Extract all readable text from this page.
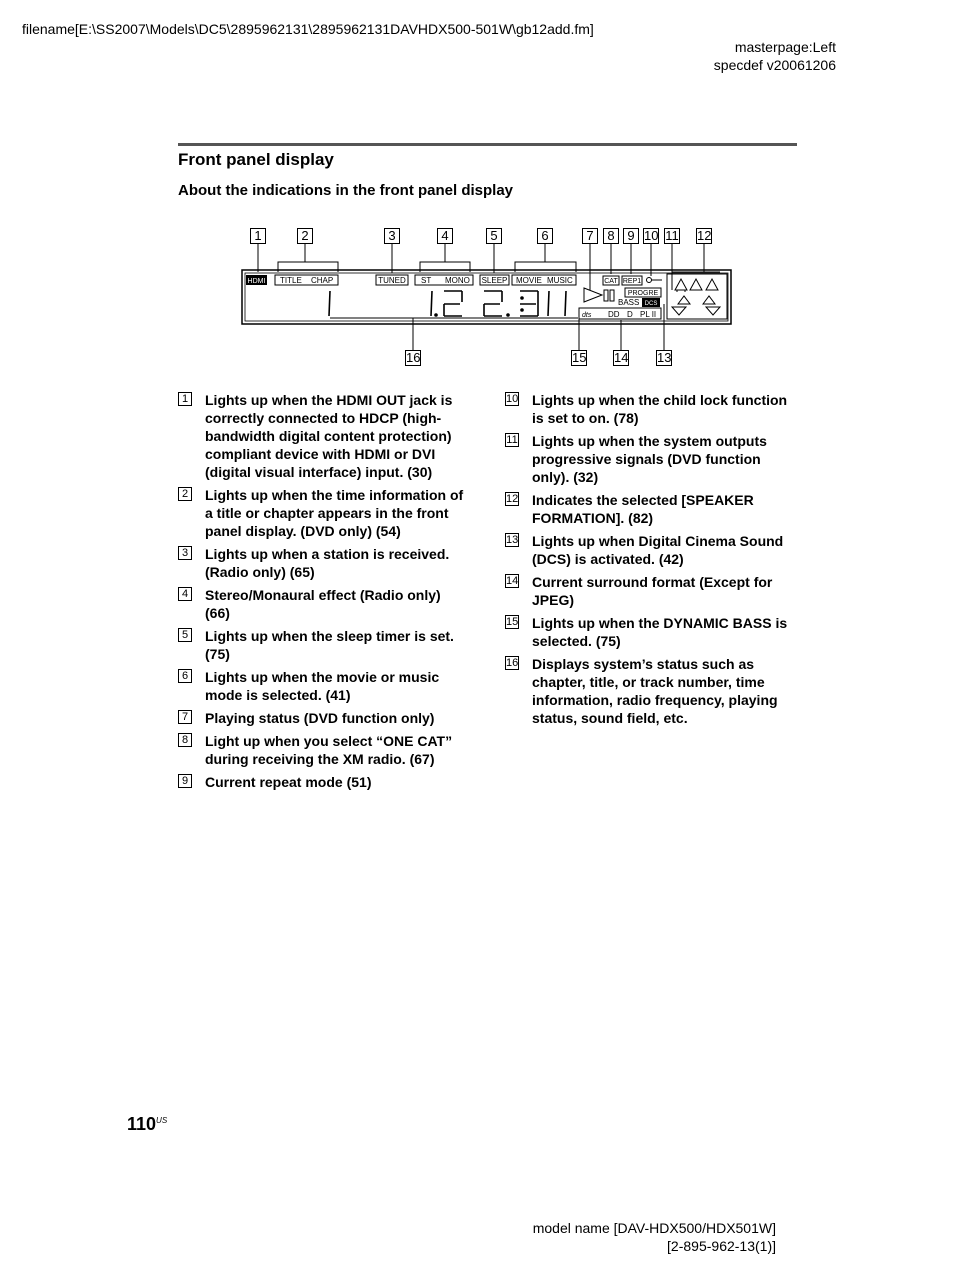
filename[E:\SS2007\Models\DC5\2895962131\2895962131DAVHDX500-501W\gb12add.fm]
masterpage:Left
specdef v20061206
Front panel display
About the indications in the front panel display
HDMI TITLE CHAP	TUNED ST MONO SLEEP MOVIE MUSIC	CAT REP1
PROGRE
BASS DCS
dts DD D PL II
1	2	3	4	5	6	7	8 9 10 11 12
16	15 14 13
1 Lights up when the HDMI OUT jack is correctly connected to HDCP (high-bandwidth digital content protection) compliant device with HDMI or DVI (digital visual interface) input. (30)
2 Lights up when the time information of a title or chapter appears in the front panel display. (DVD only) (54)
3 Lights up when a station is received. (Radio only) (65)
4 Stereo/Monaural effect (Radio only) (66)
5 Lights up when the sleep timer is set. (75)
6 Lights up when the movie or music mode is selected. (41)
7 Playing status (DVD function only)
8 Light up when you select “ONE CAT” during receiving the XM radio. (67)
9 Current repeat mode (51)
10 Lights up when the child lock function is set to on. (78)
11 Lights up when the system outputs progressive signals (DVD function only). (32)
12 Indicates the selected [SPEAKER FORMATION]. (82)
13 Lights up when Digital Cinema Sound (DCS) is activated. (42)
14 Current surround format (Except for JPEG)
15 Lights up when the DYNAMIC BASS is selected. (75)
16 Displays system’s status such as chapter, title, or track number, time information, radio frequency, playing status, sound field, etc.
$110^{US}$
model name [DAV-HDX500/HDX501W]
[2-895-962-13(1)]
